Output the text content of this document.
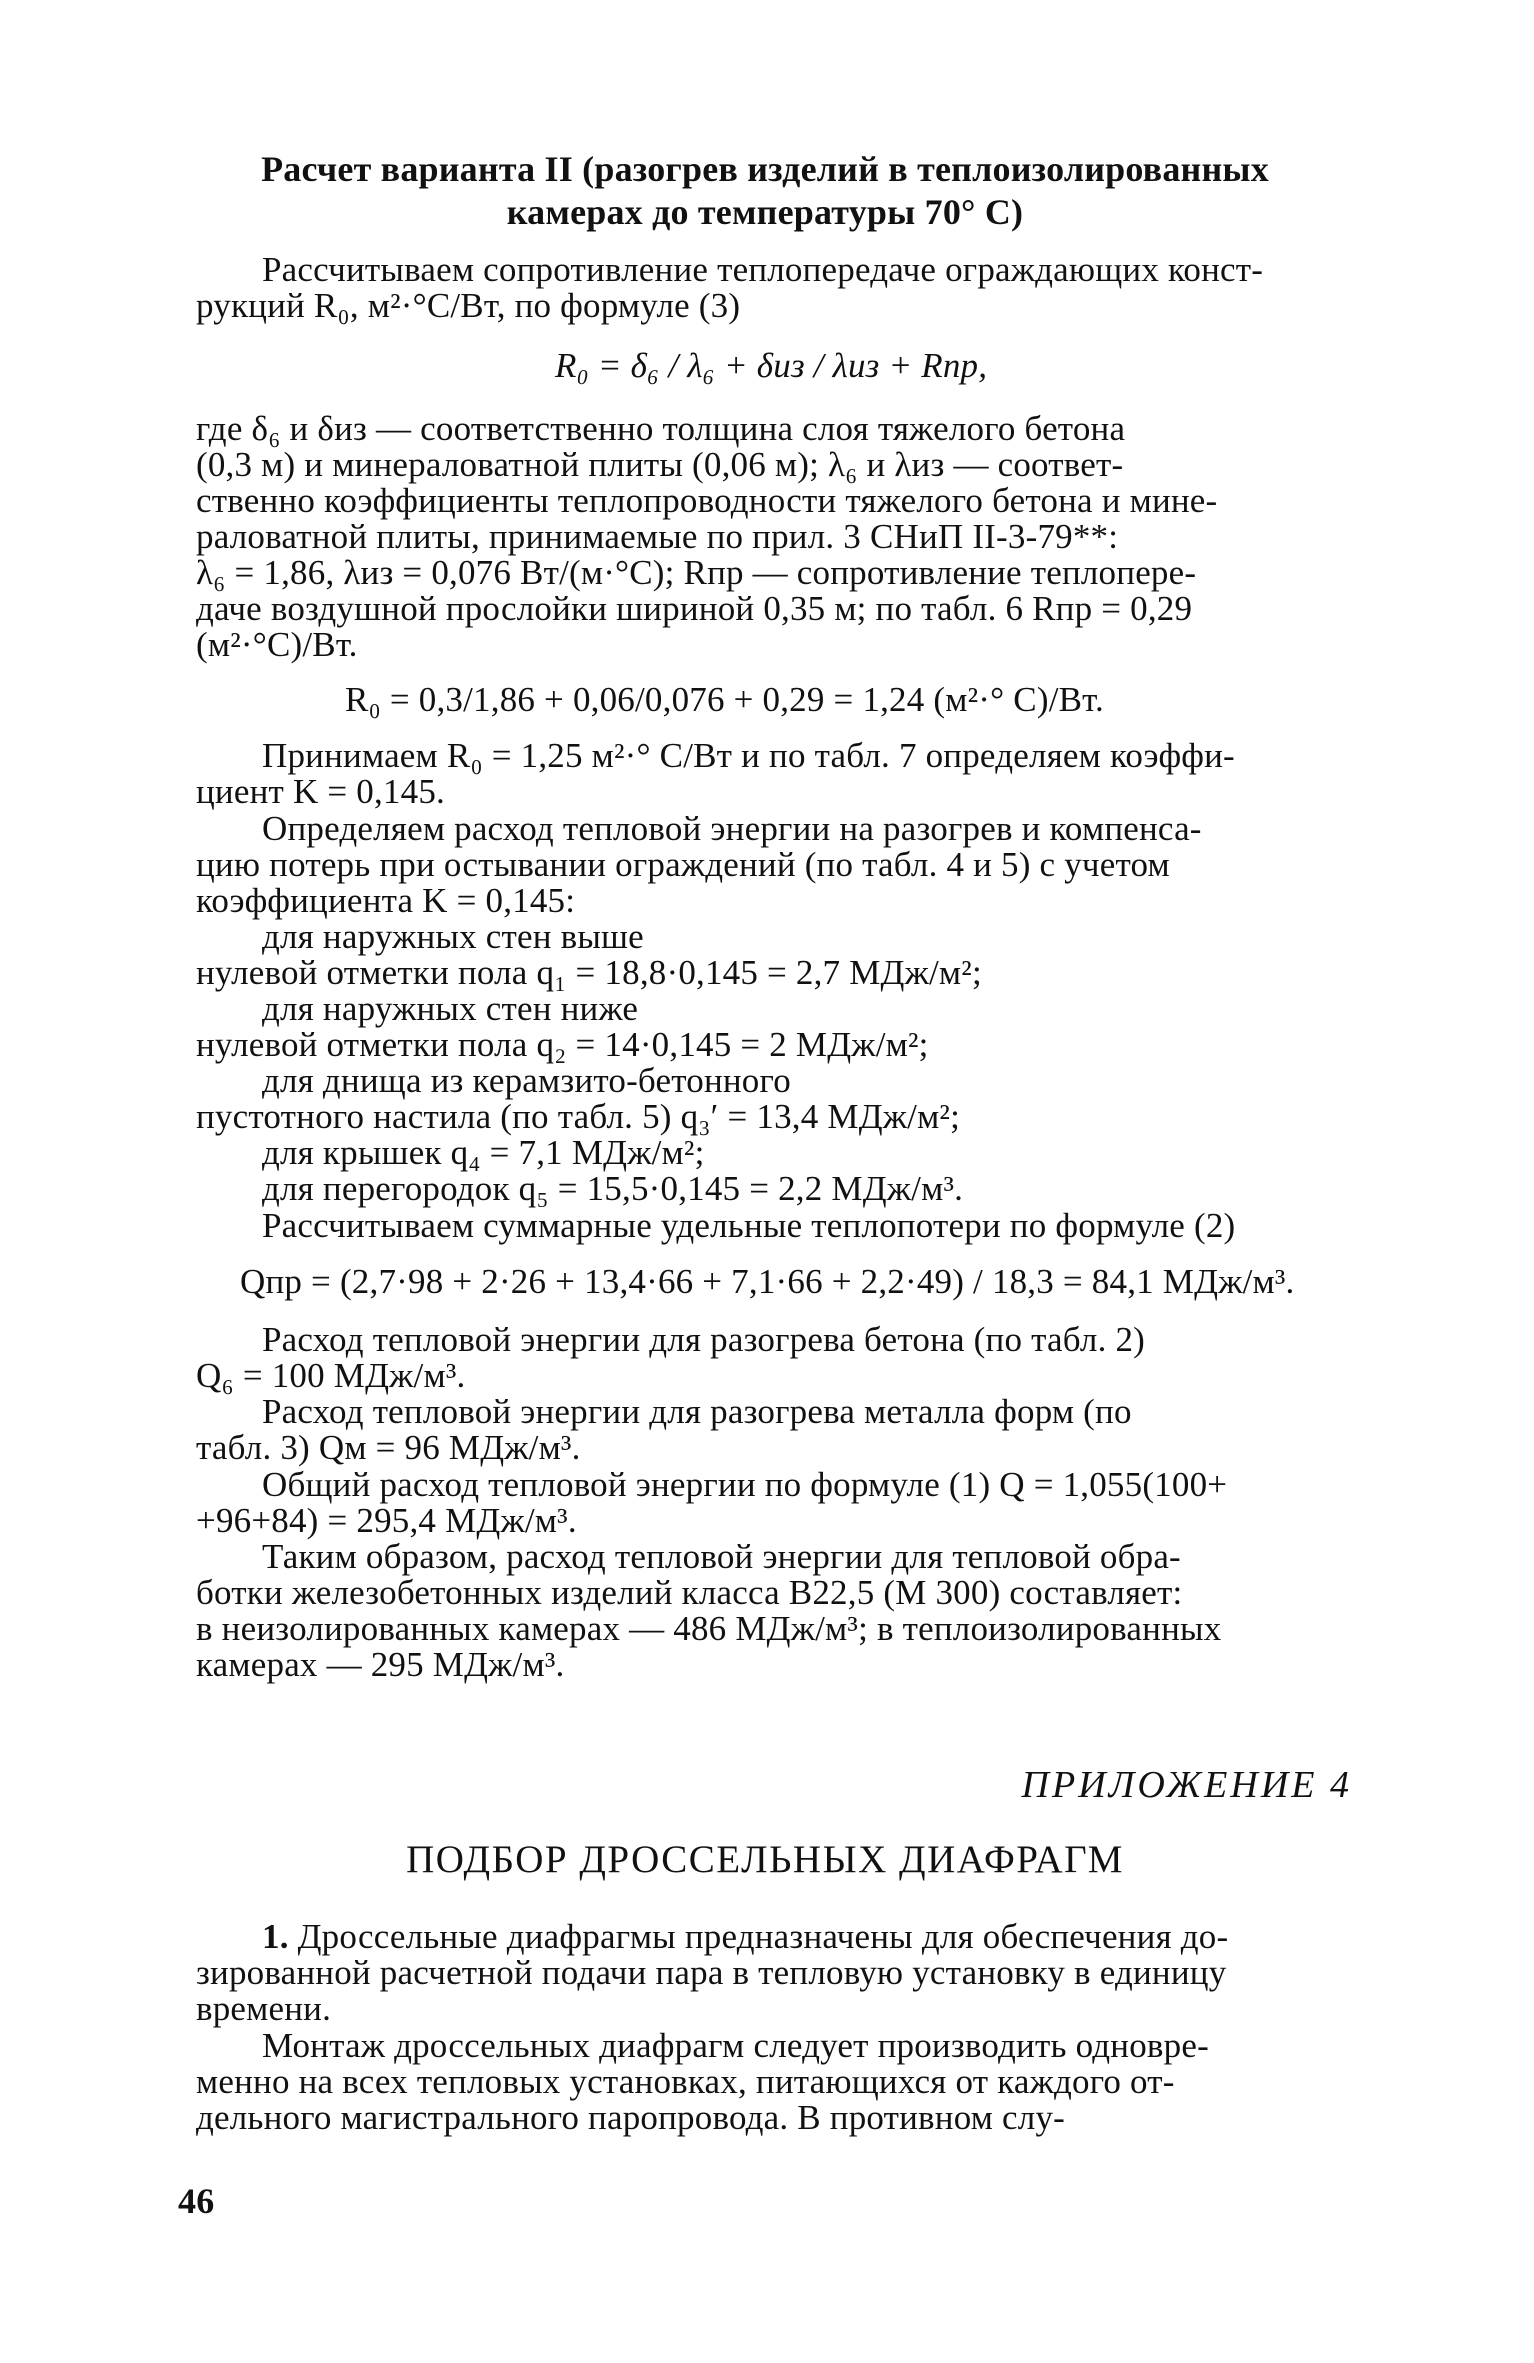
Расчет варианта II (разогрев изделий в теплоизолированных
камерах до температуры 70° С)
Рассчитываем сопротивление теплопередаче ограждающих конст-
рукций R₀, м²·°С/Вт, по формуле (3)
R₀ = δ₆ / λ₆ + δиз / λиз + Rпр,
где δ₆ и δиз — соответственно толщина слоя тяжелого бетона
(0,3 м) и минераловатной плиты (0,06 м); λ₆ и λиз — соответ-
ственно коэффициенты теплопроводности тяжелого бетона и мине-
раловатной плиты, принимаемые по прил. 3 СНиП II-3-79**:
λ₆ = 1,86, λиз = 0,076 Вт/(м·°С); Rпр — сопротивление теплопере-
даче воздушной прослойки шириной 0,35 м; по табл. 6 Rпр = 0,29
(м²·°С)/Вт.
R₀ = 0,3/1,86 + 0,06/0,076 + 0,29 = 1,24 (м²·° С)/Вт.
Принимаем R₀ = 1,25 м²·° С/Вт и по табл. 7 определяем коэффи-
циент K = 0,145.
Определяем расход тепловой энергии на разогрев и компенса-
цию потерь при остывании ограждений (по табл. 4 и 5) с учетом
коэффициента K = 0,145:
для наружных стен выше
нулевой отметки пола q₁ = 18,8·0,145 = 2,7 МДж/м²;
для наружных стен ниже
нулевой отметки пола q₂ = 14·0,145 = 2 МДж/м²;
для днища из керамзито-бетонного
пустотного настила (по табл. 5) q₃′ = 13,4 МДж/м²;
для крышек q₄ = 7,1 МДж/м²;
для перегородок q₅ = 15,5·0,145 = 2,2 МДж/м³.
Рассчитываем суммарные удельные теплопотери по формуле (2)
Qпр = (2,7·98 + 2·26 + 13,4·66 + 7,1·66 + 2,2·49) / 18,3 = 84,1 МДж/м³.
Расход тепловой энергии для разогрева бетона (по табл. 2)
Q₆ = 100 МДж/м³.
Расход тепловой энергии для разогрева металла форм (по
табл. 3) Qм = 96 МДж/м³.
Общий расход тепловой энергии по формуле (1) Q = 1,055(100+
+96+84) = 295,4 МДж/м³.
Таким образом, расход тепловой энергии для тепловой обра-
ботки железобетонных изделий класса В22,5 (М 300) составляет:
в неизолированных камерах — 486 МДж/м³; в теплоизолированных
камерах — 295 МДж/м³.
ПРИЛОЖЕНИЕ 4
ПОДБОР ДРОССЕЛЬНЫХ ДИАФРАГМ
1. Дроссельные диафрагмы предназначены для обеспечения до-
зированной расчетной подачи пара в тепловую установку в единицу
времени.
Монтаж дроссельных диафрагм следует производить одновре-
менно на всех тепловых установках, питающихся от каждого от-
дельного магистрального паропровода. В противном слу-
46
